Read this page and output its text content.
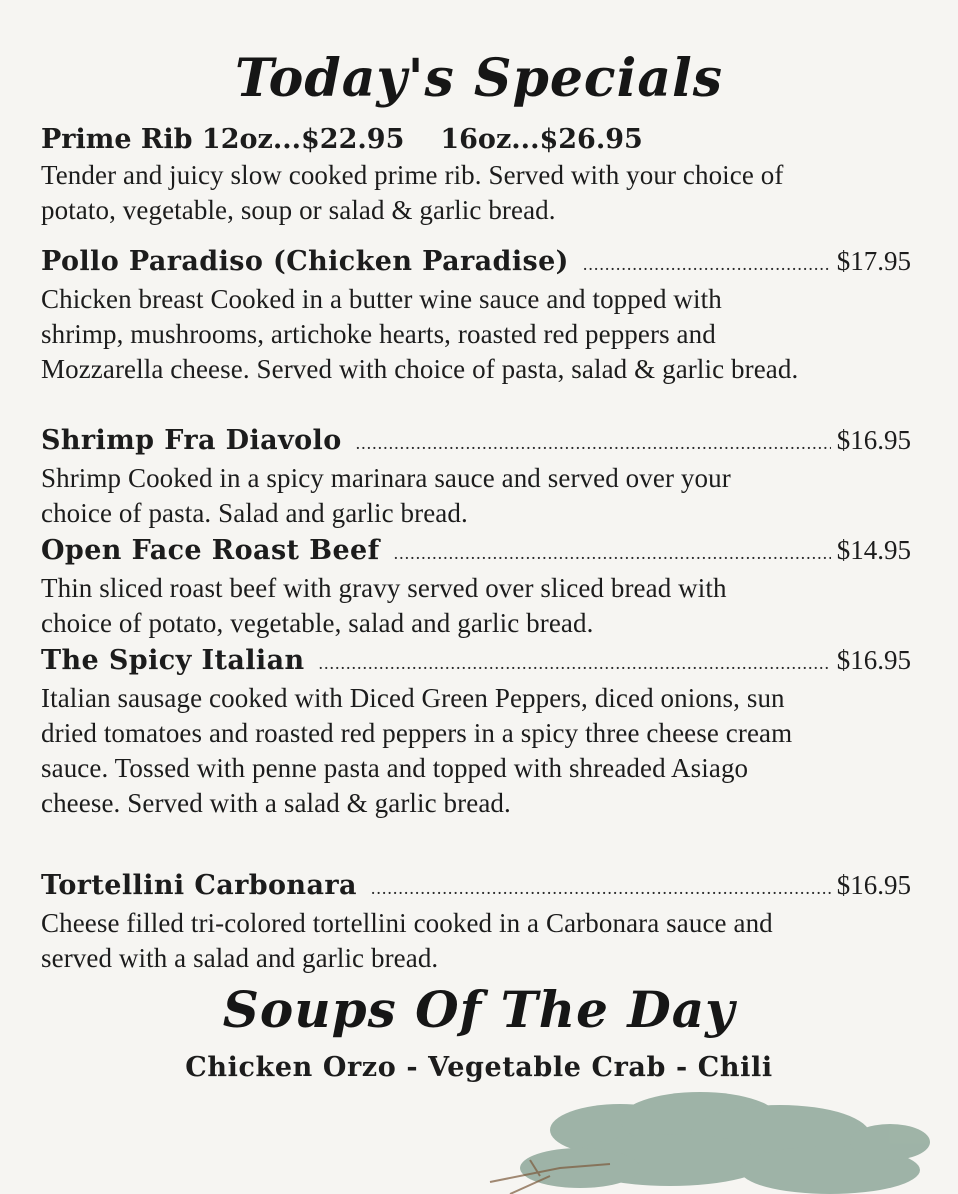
Today's Specials
Prime Rib 12oz...$22.95 16oz...$26.95

Tender and juicy slow cooked prime rib. Served with your choice of potato, vegetable, soup or salad & garlic bread.

Pollo Paradiso (Chicken Paradise) .....	$17.95

Chicken breast Cooked in a butter wine sauce and topped with shrimp, mushrooms, artichoke hearts, roasted red peppers and Mozzarella cheese. Served with choice of pasta, salad & garlic bread.

Shrimp Fra Diavolo .....	$16.95

Shrimp Cooked in a spicy marinara sauce and served over your choice of pasta. Salad and garlic bread.

Open Face Roast Beef .....	$14.95

Thin sliced roast beef with gravy served over sliced bread with choice of potato, vegetable, salad and garlic bread.

The Spicy Italian .....	$16.95

Italian sausage cooked with Diced Green Peppers, diced onions, sun dried tomatoes and roasted red peppers in a spicy three cheese cream sauce. Tossed with penne pasta and topped with shreaded Asiago cheese. Served with a salad & garlic bread.

Tortellini Carbonara .....	$16.95

Cheese filled tri-colored tortellini cooked in a Carbonara sauce and served with a salad and garlic bread.

Soups Of The Day
Chicken Orzo - Vegetable Crab - Chili
